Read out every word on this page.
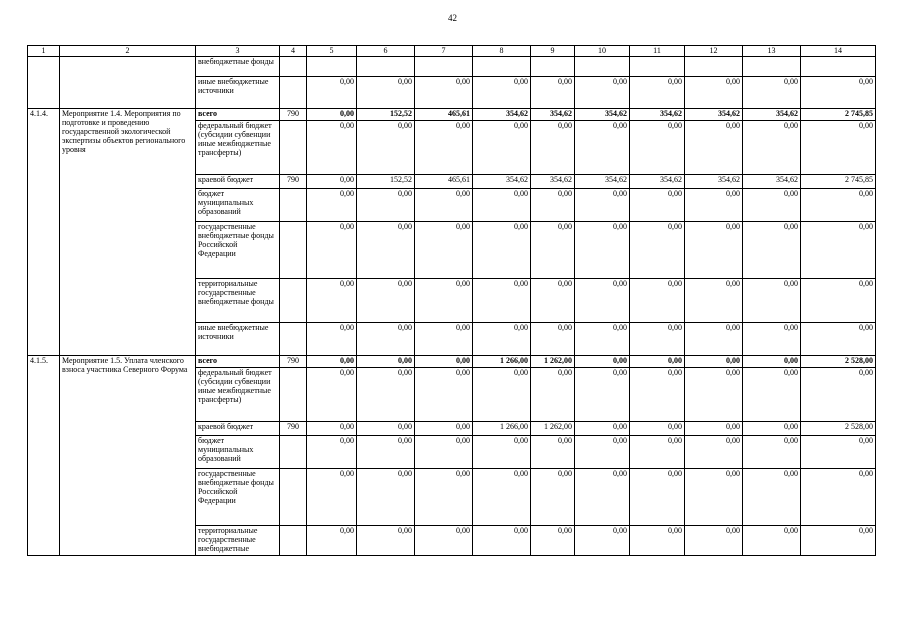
42
1	2	3	4	5	6	7	8	9	10	11	12	13	14
		внебюджетные фонды											
		иные внебюджетные источники		0,00	0,00	0,00	0,00	0,00	0,00	0,00	0,00	0,00	0,00
4.1.4.	Мероприятие 1.4. Мероприятия по подготовке и проведению государственной экологической экспертизы объектов регионального уровня	всего	790	0,00	152,52	465,61	354,62	354,62	354,62	354,62	354,62	354,62	2 745,85
		федеральный бюджет (субсидии субвенции иные межбюджетные трансферты)		0,00	0,00	0,00	0,00	0,00	0,00	0,00	0,00	0,00	0,00
		краевой бюджет	790	0,00	152,52	465,61	354,62	354,62	354,62	354,62	354,62	354,62	2 745,85
		бюджет муниципальных образований		0,00	0,00	0,00	0,00	0,00	0,00	0,00	0,00	0,00	0,00
		государственные внебюджетные фонды Российской Федерации		0,00	0,00	0,00	0,00	0,00	0,00	0,00	0,00	0,00	0,00
		территориальные государственные внебюджетные фонды		0,00	0,00	0,00	0,00	0,00	0,00	0,00	0,00	0,00	0,00
		иные внебюджетные источники		0,00	0,00	0,00	0,00	0,00	0,00	0,00	0,00	0,00	0,00
4.1.5.	Мероприятие 1.5. Уплата членского взноса участника Северного Форума	всего	790	0,00	0,00	0,00	1 266,00	1 262,00	0,00	0,00	0,00	0,00	2 528,00
		федеральный бюджет (субсидии субвенции иные межбюджетные трансферты)		0,00	0,00	0,00	0,00	0,00	0,00	0,00	0,00	0,00	0,00
		краевой бюджет	790	0,00	0,00	0,00	1 266,00	1 262,00	0,00	0,00	0,00	0,00	2 528,00
		бюджет муниципальных образований		0,00	0,00	0,00	0,00	0,00	0,00	0,00	0,00	0,00	0,00
		государственные внебюджетные фонды Российской Федерации		0,00	0,00	0,00	0,00	0,00	0,00	0,00	0,00	0,00	0,00
		территориальные государственные внебюджетные		0,00	0,00	0,00	0,00	0,00	0,00	0,00	0,00	0,00	0,00
